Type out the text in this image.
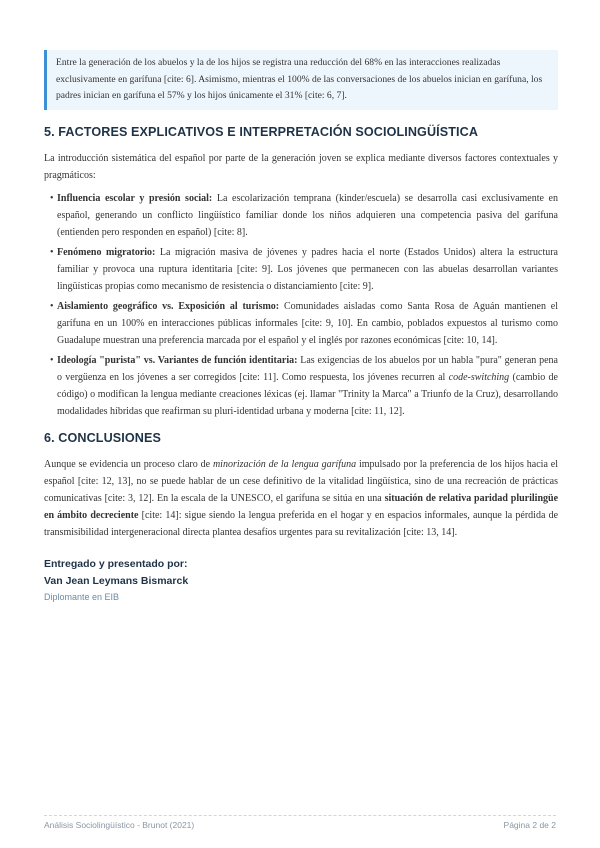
Entre la generación de los abuelos y la de los hijos se registra una reducción del 68% en las interacciones realizadas exclusivamente en garífuna [cite: 6]. Asimismo, mientras el 100% de las conversaciones de los abuelos inician en garífuna, los padres inician en garífuna el 57% y los hijos únicamente el 31% [cite: 6, 7].
5. FACTORES EXPLICATIVOS E INTERPRETACIÓN SOCIOLINGÜÍSTICA

La introducción sistemática del español por parte de la generación joven se explica mediante diversos factores contextuales y pragmáticos:

• Influencia escolar y presión social: La escolarización temprana (kinder/escuela) se desarrolla casi exclusivamente en español, generando un conflicto lingüístico familiar donde los niños adquieren una competencia pasiva del garífuna (entienden pero responden en español) [cite: 8].
• Fenómeno migratorio: La migración masiva de jóvenes y padres hacia el norte (Estados Unidos) altera la estructura familiar y provoca una ruptura identitaria [cite: 9]. Los jóvenes que permanecen con las abuelas desarrollan variantes lingüísticas propias como mecanismo de resistencia o distanciamiento [cite: 9].
• Aislamiento geográfico vs. Exposición al turismo: Comunidades aisladas como Santa Rosa de Aguán mantienen el garífuna en un 100% en interacciones públicas informales [cite: 9, 10]. En cambio, poblados expuestos al turismo como Guadalupe muestran una preferencia marcada por el español y el inglés por razones económicas [cite: 10, 14].
• Ideología "purista" vs. Variantes de función identitaria: Las exigencias de los abuelos por un habla "pura" generan pena o vergüenza en los jóvenes a ser corregidos [cite: 11]. Como respuesta, los jóvenes recurren al code-switching (cambio de código) o modifican la lengua mediante creaciones léxicas (ej. llamar "Trinity la Marca" a Triunfo de la Cruz), desarrollando modalidades híbridas que reafirman su pluri-identidad urbana y moderna [cite: 11, 12].
6. CONCLUSIONES

Aunque se evidencia un proceso claro de minorización de la lengua garífuna impulsado por la preferencia de los hijos hacia el español [cite: 12, 13], no se puede hablar de un cese definitivo de la vitalidad lingüística, sino de una recreación de prácticas comunicativas [cite: 3, 12]. En la escala de la UNESCO, el garífuna se sitúa en una situación de relativa paridad plurilingüe en ámbito decreciente [cite: 14]: sigue siendo la lengua preferida en el hogar y en espacios informales, aunque la pérdida de transmisibilidad intergeneracional directa plantea desafíos urgentes para su revitalización [cite: 13, 14].

Entregado y presentado por:
Van Jean Leymans Bismarck
Diplomante en EIB
Análisis Sociolingüístico - Brunot (2021)	Página 2 de 2
